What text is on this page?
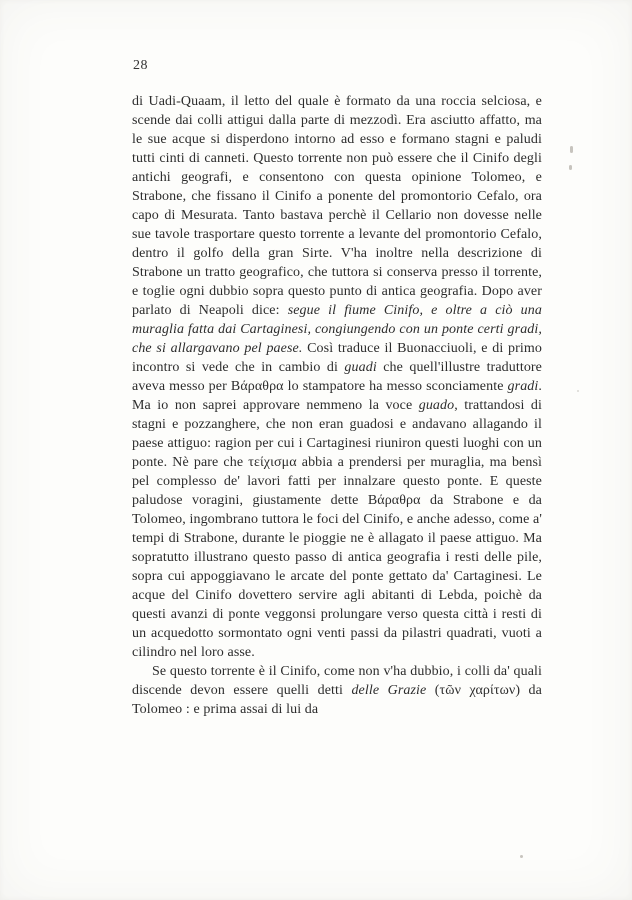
28

di Uadi-Quaam, il letto del quale è formato da una roccia selciosa, e scende dai colli attigui dalla parte di mezzodì. Era asciutto affatto, ma le sue acque si disperdono intorno ad esso e formano stagni e paludi tutti cinti di canneti. Questo torrente non può essere che il Cinifo degli antichi geografi, e consentono con questa opinione Tolomeo, e Strabone, che fissano il Cinifo a ponente del promontorio Cefalo, ora capo di Mesurata. Tanto bastava perchè il Cellario non dovesse nelle sue tavole trasportare questo torrente a levante del promontorio Cefalo, dentro il golfo della gran Sirte. V'ha inoltre nella descrizione di Strabone un tratto geografico, che tuttora si conserva presso il torrente, e toglie ogni dubbio sopra questo punto di antica geografia. Dopo aver parlato di Neapoli dice: segue il fiume Cinifo, e oltre a ciò una muraglia fatta dai Cartaginesi, congiungendo con un ponte certi gradi, che si allargavano pel paese. Così traduce il Buonacciuoli, e di primo incontro si vede che in cambio di guadi che quell'illustre traduttore aveva messo per Βάραθρα lo stampatore ha messo sconciamente gradi. Ma io non saprei approvare nemmeno la voce guado, trattandosi di stagni e pozzanghere, che non eran guadosi e andavano allagando il paese attiguo: ragion per cui i Cartaginesi riuniron questi luoghi con un ponte. Nè pare che τείχισμα abbia a prendersi per muraglia, ma bensì pel complesso de' lavori fatti per innalzare questo ponte. E queste paludose voragini, giustamente dette Βάραθρα da Strabone e da Tolomeo, ingombrano tuttora le foci del Cinifo, e anche adesso, come a' tempi di Strabone, durante le pioggie ne è allagato il paese attiguo. Ma sopratutto illustrano questo passo di antica geografia i resti delle pile, sopra cui appoggiavano le arcate del ponte gettato da' Cartaginesi. Le acque del Cinifo dovettero servire agli abitanti di Lebda, poichè da questi avanzi di ponte veggonsi prolungare verso questa città i resti di un acquedotto sormontato ogni venti passi da pilastri quadrati, vuoti a cilindro nel loro asse.

Se questo torrente è il Cinifo, come non v'ha dubbio, i colli da' quali discende devon essere quelli detti delle Grazie (τῶν χαρίτων) da Tolomeo : e prima assai di lui da
